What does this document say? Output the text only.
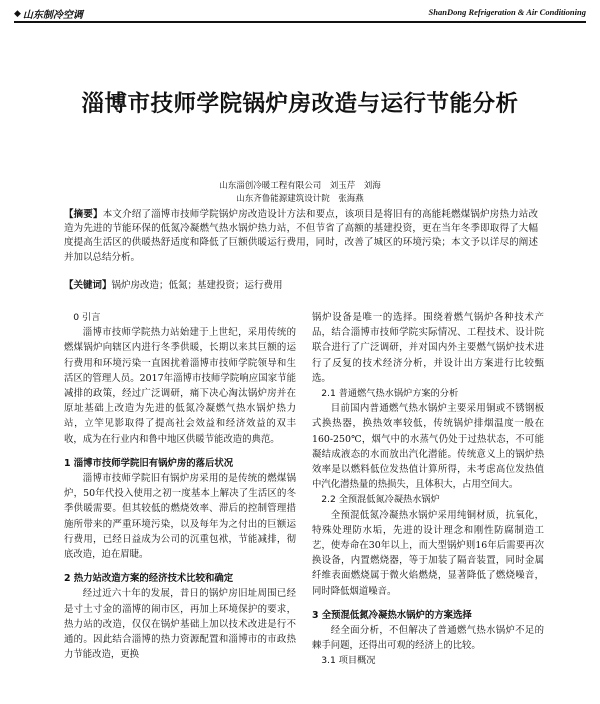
◆ 山东制冷空调	ShanDong Refrigeration & Air Conditioning
淄博市技师学院锅炉房改造与运行节能分析
山东淄创冷暖工程有限公司　刘玉芹　刘海
山东齐鲁能源建筑设计院　张海燕
【摘要】本文介绍了淄博市技师学院锅炉房改造设计方法和要点，该项目是将旧有的高能耗燃煤锅炉房热力站改造为先进的节能环保的低氮冷凝燃气热水锅炉热力站，不但节省了高额的基建投资，更在当年冬季即取得了大幅度提高生活区的供暖热舒适度和降低了巨额供暖运行费用，同时，改善了城区的环境污染；本文予以详尽的阐述并加以总结分析。
【关键词】锅炉房改造；低氮；基建投资；运行费用
0 引言

淄博市技师学院热力站始建于上世纪，采用传统的燃煤锅炉向辖区内进行冬季供暖，长期以来其巨额的运行费用和环境污染一直困扰着淄博市技师学院领导和生活区的管理人员。2017年淄博市技师学院响应国家节能减排的政策，经过广泛调研，痛下决心淘汰锅炉房并在原址基础上改造为先进的低氮冷凝燃气热水锅炉热力站，立竿见影取得了提高社会效益和经济效益的双丰收，成为在行业内和鲁中地区供暖节能改造的典范。

1 淄博市技师学院旧有锅炉房的落后状况

淄博市技师学院旧有锅炉房采用的是传统的燃煤锅炉，50年代投入使用之初一度基本上解决了生活区的冬季供暖需要。但其较低的燃烧效率、滞后的控制管理措施所带来的严重环境污染，以及每年为之付出的巨额运行费用，已经日益成为公司的沉重包袱，节能减排，彻底改造，迫在眉睫。

2 热力站改造方案的经济技术比较和确定

经过近六十年的发展，昔日的锅炉房旧址周围已经是寸土寸金的淄博的闹市区，再加上环境保护的要求，热力站的改造，仅仅在锅炉基础上加以技术改进是行不通的。因此结合淄博的热力资源配置和淄博市的市政热力节能改造，更换

锅炉设备是唯一的选择。围绕着燃气锅炉各种技术产品，结合淄博市技师学院实际情况、工程技术、设计院联合进行了广泛调研，并对国内外主要燃气锅炉技术进行了反复的技术经济分析，并设计出方案进行比较甄选。

2.1 普通燃气热水锅炉方案的分析

目前国内普通燃气热水锅炉主要采用铜或不锈钢板式换热器，换热效率较低，传统锅炉排烟温度一般在160-250℃，烟气中的水蒸气仍处于过热状态，不可能凝结成液态的水而放出汽化潜能。传统意义上的锅炉热效率是以燃料低位发热值计算所得，未考虑高位发热值中汽化潜热量的热损失，且体积大，占用空间大。

2.2 全预混低氮冷凝热水锅炉

全预混低氮冷凝热水锅炉采用纯铜材质，抗氧化，特殊处理防水垢，先进的设计理念和刚性防腐制造工艺，使寿命在30年以上，而大型锅炉则16年后需要再次换设备，内置燃烧器，等于加装了隔音装置，同时金属纤维表面燃烧属于微火焰燃烧，显著降低了燃烧噪音，同时降低烟道噪音。

3 全预混低氮冷凝热水锅炉的方案选择

经全面分析，不但解决了普通燃气热水锅炉不足的棘手问题，还得出可观的经济上的比较。

3.1 项目概况
